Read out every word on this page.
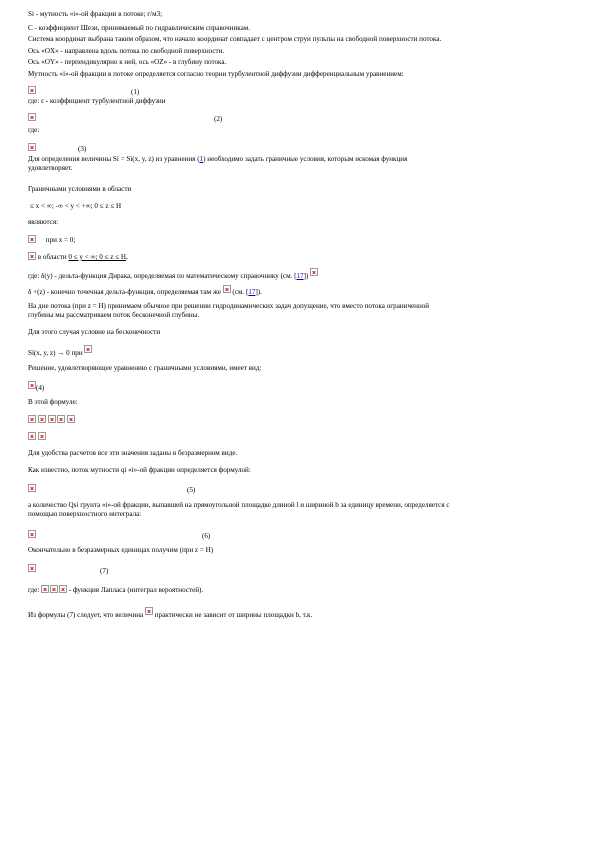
Si - мутность «i»-ой фракции в потоке; г/м3;
C - коэффициент Шези, принимаемый по гидравлическим справочникам.
Система координат выбрана таким образом, что начало координат совпадает с центром струи пульпы на свободной поверхности потока.
Ось «OX» - направлена вдоль потока по свободной поверхности.
Ось «OY» - перпендикулярно к ней, ось «OZ» - в глубину потока.
Мутность «i»-ой фракции в потоке определяется согласно теории турбулентной диффузии дифференциальным уравнением:
(1)
где: ε - коэффициент турбулентной диффузии
(2)
где:
(3)
Для определения величины Si = Si(x, y, z) из уравнения (1) необходимо задать граничные условия, которым искомая функция
удовлетворяет.
Граничными условиями в области
≤ x < ∞; -∞ < y < +∞; 0 ≤ z ≤ H
являются:
при x = 0;
в области 0 ≤ y < ∞; 0 ≤ z ≤ H,
где: δ(y) - дельта-функция Дирака, определяемая по математическому справочнику (см. [17])
δ +(z) - конечно точечная дельта-функция, определяемая там же (см. [17]).
На дне потока (при z = H) принимаем обычное при решении гидродинамических задач допущение, что вместо потока ограниченной
глубины мы рассматриваем поток бесконечной глубины.
Для этого случая условие на бесконечности
Si(x, y, z) → 0 при
Решение, удовлетворяющее уравнению с граничными условиями, имеет вид:
(4)
В этой формуле:

Для удобства расчетов все эти значения заданы в безразмерном виде.
Как известно, поток мутности qi «i»-ой фракции определяется формулой:
(5)
а количество Qsi грунта «i»-ой фракции, выпавшей на прямоугольной площадке длиной l и шириной b за единицу времени, определяется с
помощью поверхностного интеграла:
(6)
Окончательно в безразмерных единицах получим (при z = H)
(7)
где:	- функция Лапласа (интеграл вероятностей).
Из формулы (7) следует, что величина практически не зависит от ширины площадки b, т.к.
